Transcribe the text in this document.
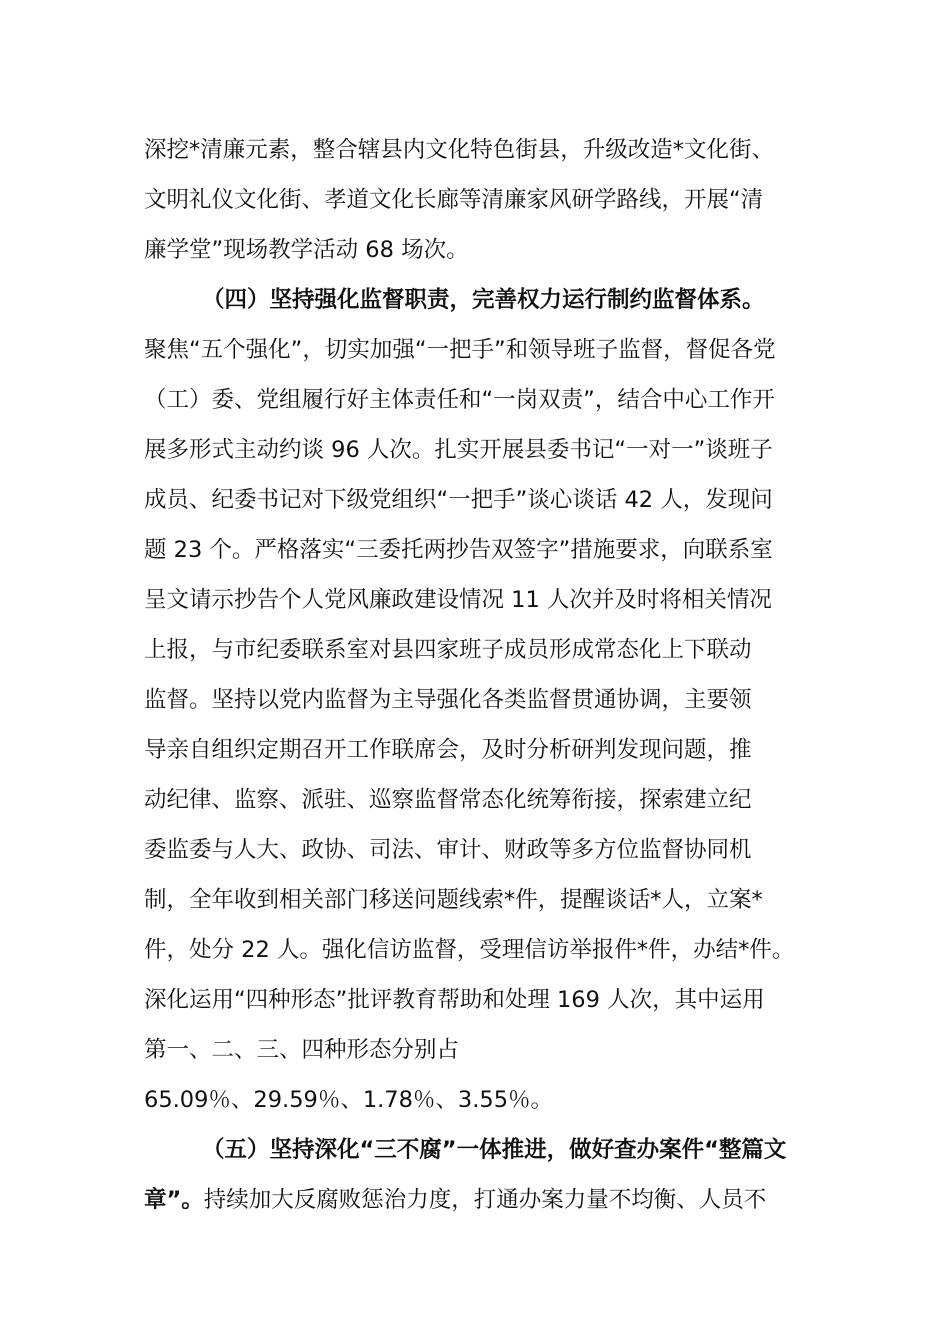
深挖*清廉元素，整合辖县内文化特色街县，升级改造*文化街、

文明礼仪文化街、孝道文化长廊等清廉家风研学路线，开展“清

廉学堂”现场教学活动 68 场次。

（四）坚持强化监督职责，完善权力运行制约监督体系。

聚焦“五个强化”，切实加强“一把手”和领导班子监督，督促各党

（工）委、党组履行好主体责任和“一岗双责”，结合中心工作开

展多形式主动约谈 96 人次。扎实开展县委书记“一对一”谈班子

成员、纪委书记对下级党组织“一把手”谈心谈话 42 人，发现问

题 23 个。严格落实“三委托两抄告双签字”措施要求，向联系室

呈文请示抄告个人党风廉政建设情况 11 人次并及时将相关情况

上报，与市纪委联系室对县四家班子成员形成常态化上下联动

监督。坚持以党内监督为主导强化各类监督贯通协调，主要领

导亲自组织定期召开工作联席会，及时分析研判发现问题，推

动纪律、监察、派驻、巡察监督常态化统筹衔接，探索建立纪

委监委与人大、政协、司法、审计、财政等多方位监督协同机

制，全年收到相关部门移送问题线索*件，提醒谈话*人，立案*

件，处分 22 人。强化信访监督，受理信访举报件*件，办结*件。

深化运用“四种形态”批评教育帮助和处理 169 人次，其中运用

第一、二、三、四种形态分别占

65.09％、29.59％、1.78％、3.55％。

（五）坚持深化“三不腐”一体推进，做好查办案件“整篇文

章”。持续加大反腐败惩治力度，打通办案力量不均衡、人员不
